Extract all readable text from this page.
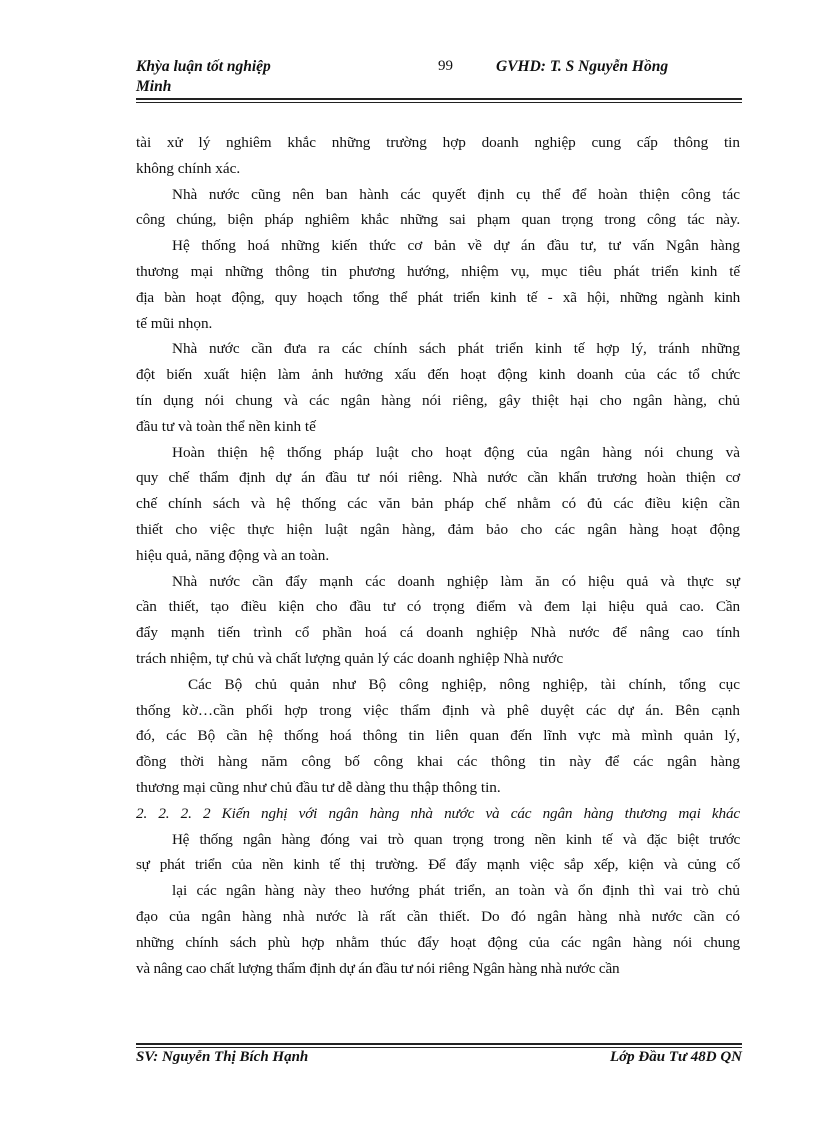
Khỳa luận tốt nghiệp	99	GVHD: T. S Nguyễn Hồng
Minh
tài xử lý nghiêm khắc những trường hợp doanh nghiệp cung cấp thông tin
không chính xác.
Nhà nước cũng nên ban hành các quyết định cụ thể để hoàn thiện công tác
công chúng, biện pháp nghiêm khắc những sai phạm quan trọng trong công tác này.
Hệ thống hoá những kiến thức cơ bản về dự án đầu tư, tư vấn Ngân hàng
thương mại những thông tin phương hướng, nhiệm vụ, mục tiêu phát triển kinh tế
địa bàn hoạt động, quy hoạch tổng thể phát triển kinh tế - xã hội, những ngành kinh
tế mũi nhọn.
Nhà nước cần đưa ra các chính sách phát triển kinh tế hợp lý, tránh những
đột biến xuất hiện làm ảnh hưởng xấu đến hoạt động kinh doanh của các tổ chức
tín dụng nói chung và các ngân hàng nói riêng, gây thiệt hại cho ngân hàng, chủ
đầu tư và toàn thể nền kinh tế
Hoàn thiện hệ thống pháp luật cho hoạt động của ngân hàng nói chung và
quy chế thẩm định dự án đầu tư nói riêng. Nhà nước cần khẩn trương hoàn thiện cơ
chế chính sách và hệ thống các văn bản pháp chế nhằm có đủ các điều kiện cần
thiết cho việc thực hiện luật ngân hàng, đảm bảo cho các ngân hàng hoạt động
hiệu quả, năng động và an toàn.
Nhà nước cần đẩy mạnh các doanh nghiệp làm ăn có hiệu quả và thực sự
cần thiết, tạo điều kiện cho đầu tư có trọng điểm và đem lại hiệu quả cao. Cần
đẩy mạnh tiến trình cổ phần hoá cá doanh nghiệp Nhà nước để nâng cao tính
trách nhiệm, tự chủ và chất lượng quản lý các doanh nghiệp Nhà nước
Các Bộ chủ quản như Bộ công nghiệp, nông nghiệp, tài chính, tổng cục
thống kờ…cần phối hợp trong việc thẩm định và phê duyệt các dự án. Bên cạnh
đó, các Bộ cần hệ thống hoá thông tin liên quan đến lĩnh vực mà mình quản lý,
đồng thời hàng năm công bố công khai các thông tin này để các ngân hàng
thương mại cũng như chủ đầu tư dễ dàng thu thập thông tin.
2. 2. 2. 2 Kiến nghị với ngân hàng nhà nước và các ngân hàng thương mại khác
Hệ thống ngân hàng đóng vai trò quan trọng trong nền kinh tế và đặc biệt trước
sự phát triển của nền kinh tế thị trường. Để đẩy mạnh việc sắp xếp, kiện và củng cố
lại các ngân hàng này theo hướng phát triển, an toàn và ổn định thì vai trò chủ
đạo của ngân hàng nhà nước là rất cần thiết. Do đó ngân hàng nhà nước cần có
những chính sách phù hợp nhằm thúc đẩy hoạt động của các ngân hàng nói chung
và nâng cao chất lượng thẩm định dự án đầu tư nói riêng Ngân hàng nhà nước cần
SV: Nguyễn Thị Bích Hạnh	Lớp Đầu Tư 48D QN
